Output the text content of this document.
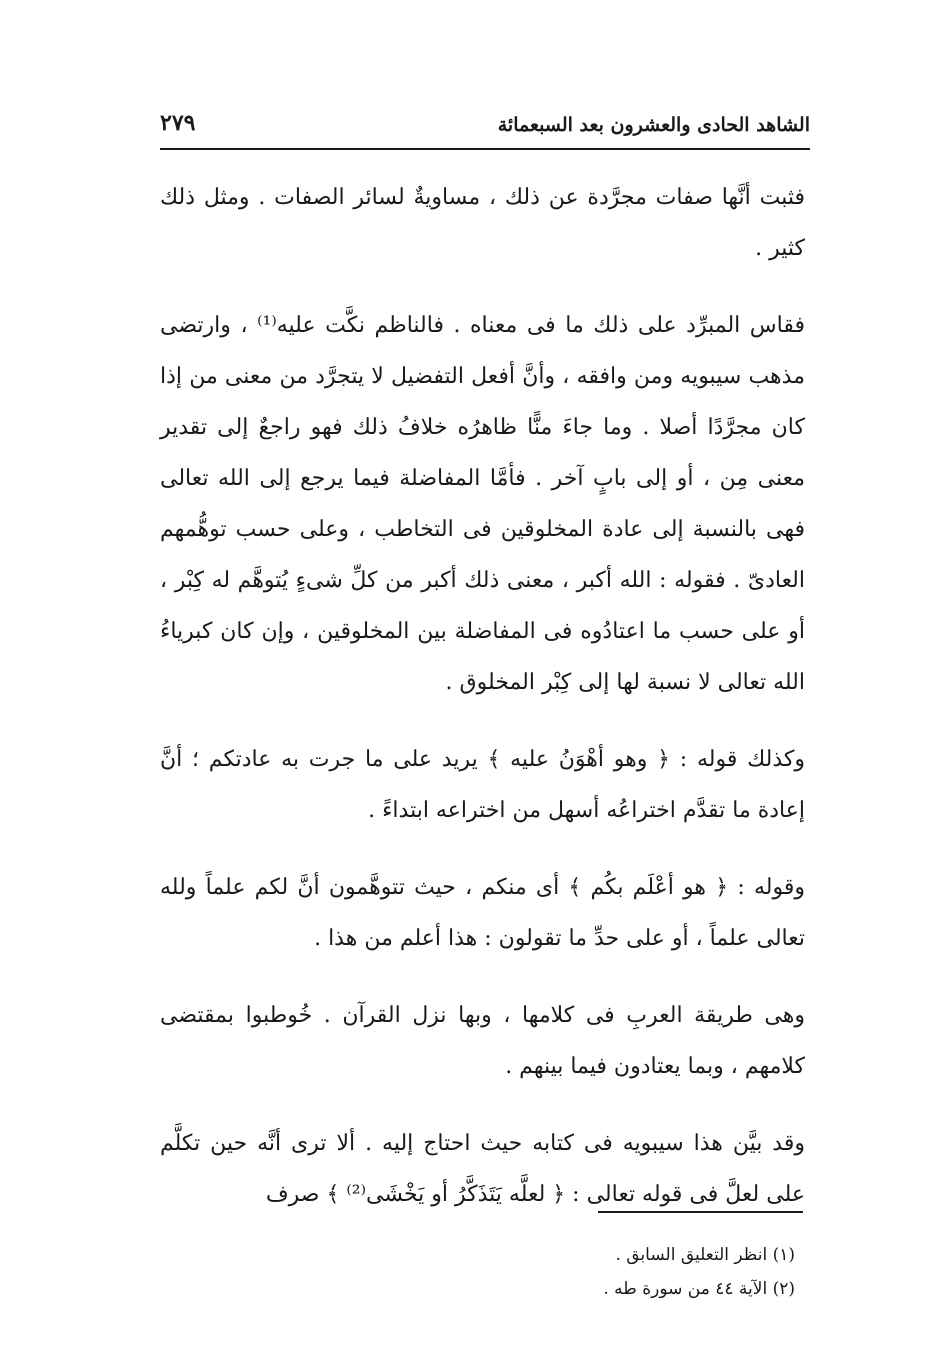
الشاهد الحادى والعشرون بعد السبعمائة
٢٧٩

فثبت أنَّها صفات مجرَّدة عن ذلك ، مساويةٌ لسائر الصفات . ومثل ذلك كثير .

فقاس المبرِّد على ذلك ما فى معناه . فالناظم نكَّت عليه⁽¹⁾ ، وارتضى مذهب سيبويه ومن وافقه ، وأنَّ أفعل التفضيل لا يتجرَّد من معنى من إذا كان مجرَّدًا أصلا . وما جاءَ منًّا ظاهرُه خلافُ ذلك فهو راجعٌ إلى تقدير معنى مِن ، أو إلى بابٍ آخر . فأمَّا المفاضلة فيما يرجع إلى الله تعالى فهى بالنسبة إلى عادة المخلوقين فى التخاطب ، وعلى حسب توهُّمهم العادىّ . فقوله : الله أكبر ، معنى ذلك أكبر من كلِّ شىءٍ يُتوهَّم له كِبْر ، أو على حسب ما اعتادُوه فى المفاضلة بين المخلوقين ، وإن كان كبرياءُ الله تعالى لا نسبة لها إلى كِبْر المخلوق .

وكذلك قوله : ﴿ وهو أهْوَنُ عليه ﴾ يريد على ما جرت به عادتكم ؛ أنَّ إعادة ما تقدَّم اختراعُه أسهل من اختراعه ابتداءً .

وقوله : ﴿ هو أعْلَم بكُم ﴾ أى منكم ، حيث تتوهَّمون أنَّ لكم علماً ولله تعالى علماً ، أو على حدِّ ما تقولون : هذا أعلم من هذا .

وهى طريقة العربِ فى كلامها ، وبها نزل القرآن . خُوطبوا بمقتضى كلامهم ، وبما يعتادون فيما بينهم .

وقد بيَّن هذا سيبويه فى كتابه حيث احتاج إليه . ألا ترى أنَّه حين تكلَّم على لعلَّ فى قوله تعالى : ﴿ لعلَّه يَتَذَكَّرُ أو يَخْشَى⁽²⁾ ﴾ صرف

(١) انظر التعليق السابق .

(٢) الآية ٤٤ من سورة طه .
